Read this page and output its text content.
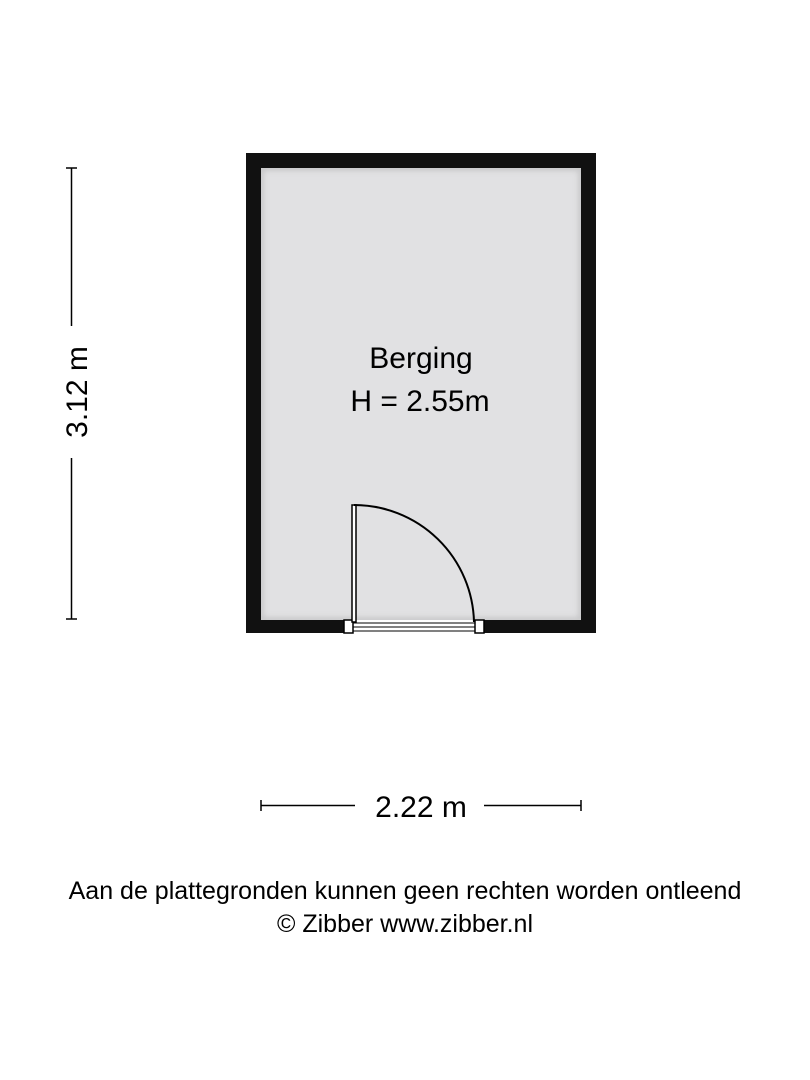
Berging
H = 2.55m
3.12 m
2.22 m
Aan de plattegronden kunnen geen rechten worden ontleend
© Zibber www.zibber.nl
